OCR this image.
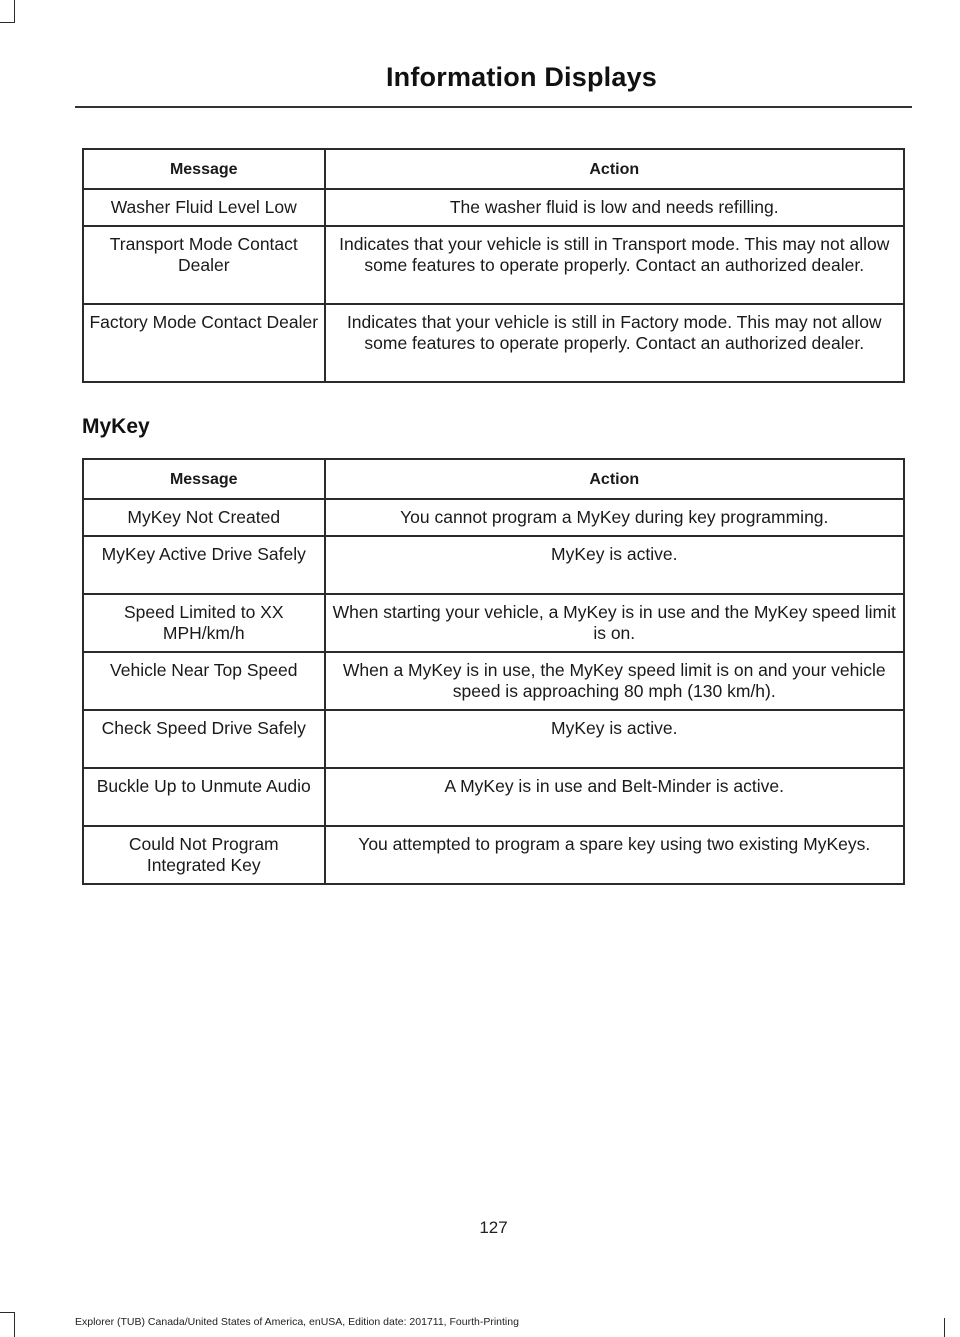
Information Displays
Message	Action
Washer Fluid Level Low	The washer fluid is low and needs refilling.
Transport Mode Contact Dealer	Indicates that your vehicle is still in Transport mode. This may not allow some features to operate properly. Contact an authorized dealer.
Factory Mode Contact Dealer	Indicates that your vehicle is still in Factory mode. This may not allow some features to operate properly. Contact an authorized dealer.
MyKey
Message	Action
MyKey Not Created	You cannot program a MyKey during key programming.
MyKey Active Drive Safely	MyKey is active.
Speed Limited to XX MPH/km/h	When starting your vehicle, a MyKey is in use and the MyKey speed limit is on.
Vehicle Near Top Speed	When a MyKey is in use, the MyKey speed limit is on and your vehicle speed is approaching 80 mph (130 km/h).
Check Speed Drive Safely	MyKey is active.
Buckle Up to Unmute Audio	A MyKey is in use and Belt-Minder is active.
Could Not Program Integrated Key	You attempted to program a spare key using two existing MyKeys.
127
Explorer (TUB) Canada/United States of America, enUSA, Edition date: 201711, Fourth-Printing
